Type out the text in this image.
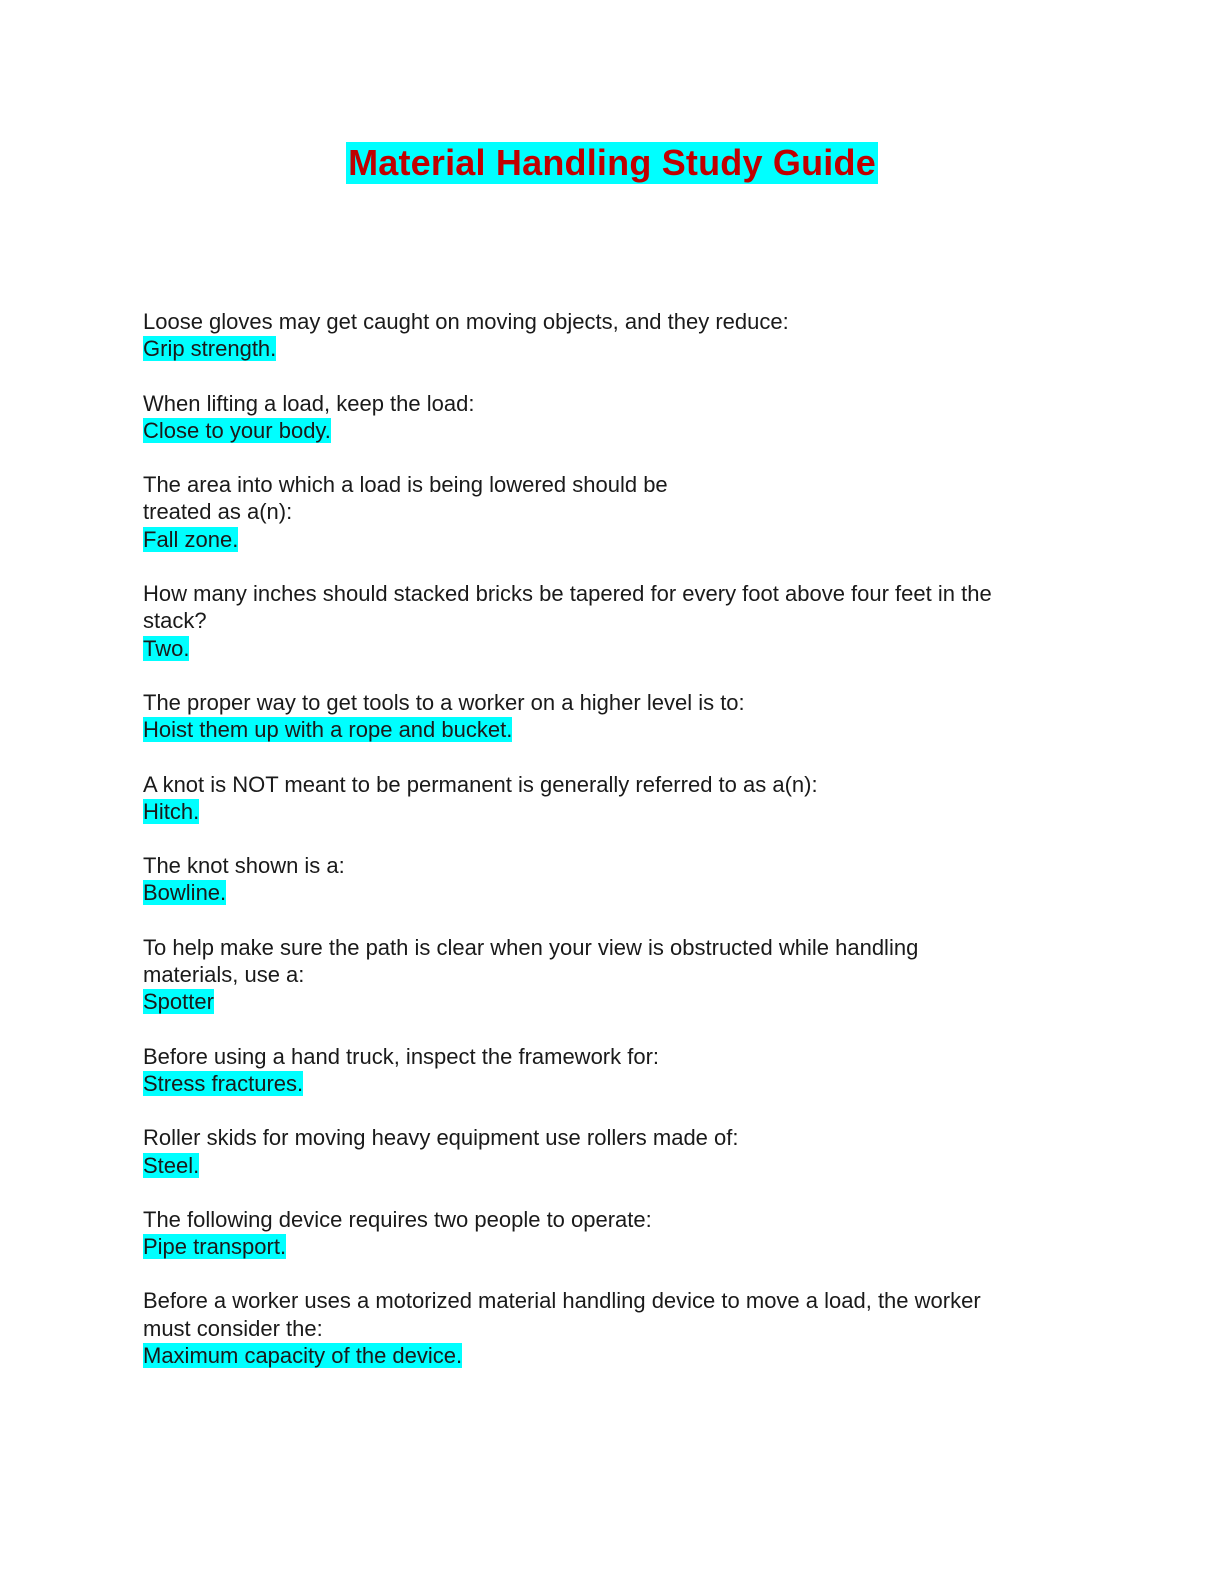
Material Handling Study Guide
Loose gloves may get caught on moving objects, and they reduce:
Grip strength.
When lifting a load, keep the load:
Close to your body.
The area into which a load is being lowered should be
treated as a(n):
Fall zone.
How many inches should stacked bricks be tapered for every foot above four feet in the
stack?
Two.
The proper way to get tools to a worker on a higher level is to:
Hoist them up with a rope and bucket.
A knot is NOT meant to be permanent is generally referred to as a(n):
Hitch.
The knot shown is a:
Bowline.
To help make sure the path is clear when your view is obstructed while handling
materials, use a:
Spotter
Before using a hand truck, inspect the framework for:
Stress fractures.
Roller skids for moving heavy equipment use rollers made of:
Steel.
The following device requires two people to operate:
Pipe transport.
Before a worker uses a motorized material handling device to move a load, the worker
must consider the:
Maximum capacity of the device.
